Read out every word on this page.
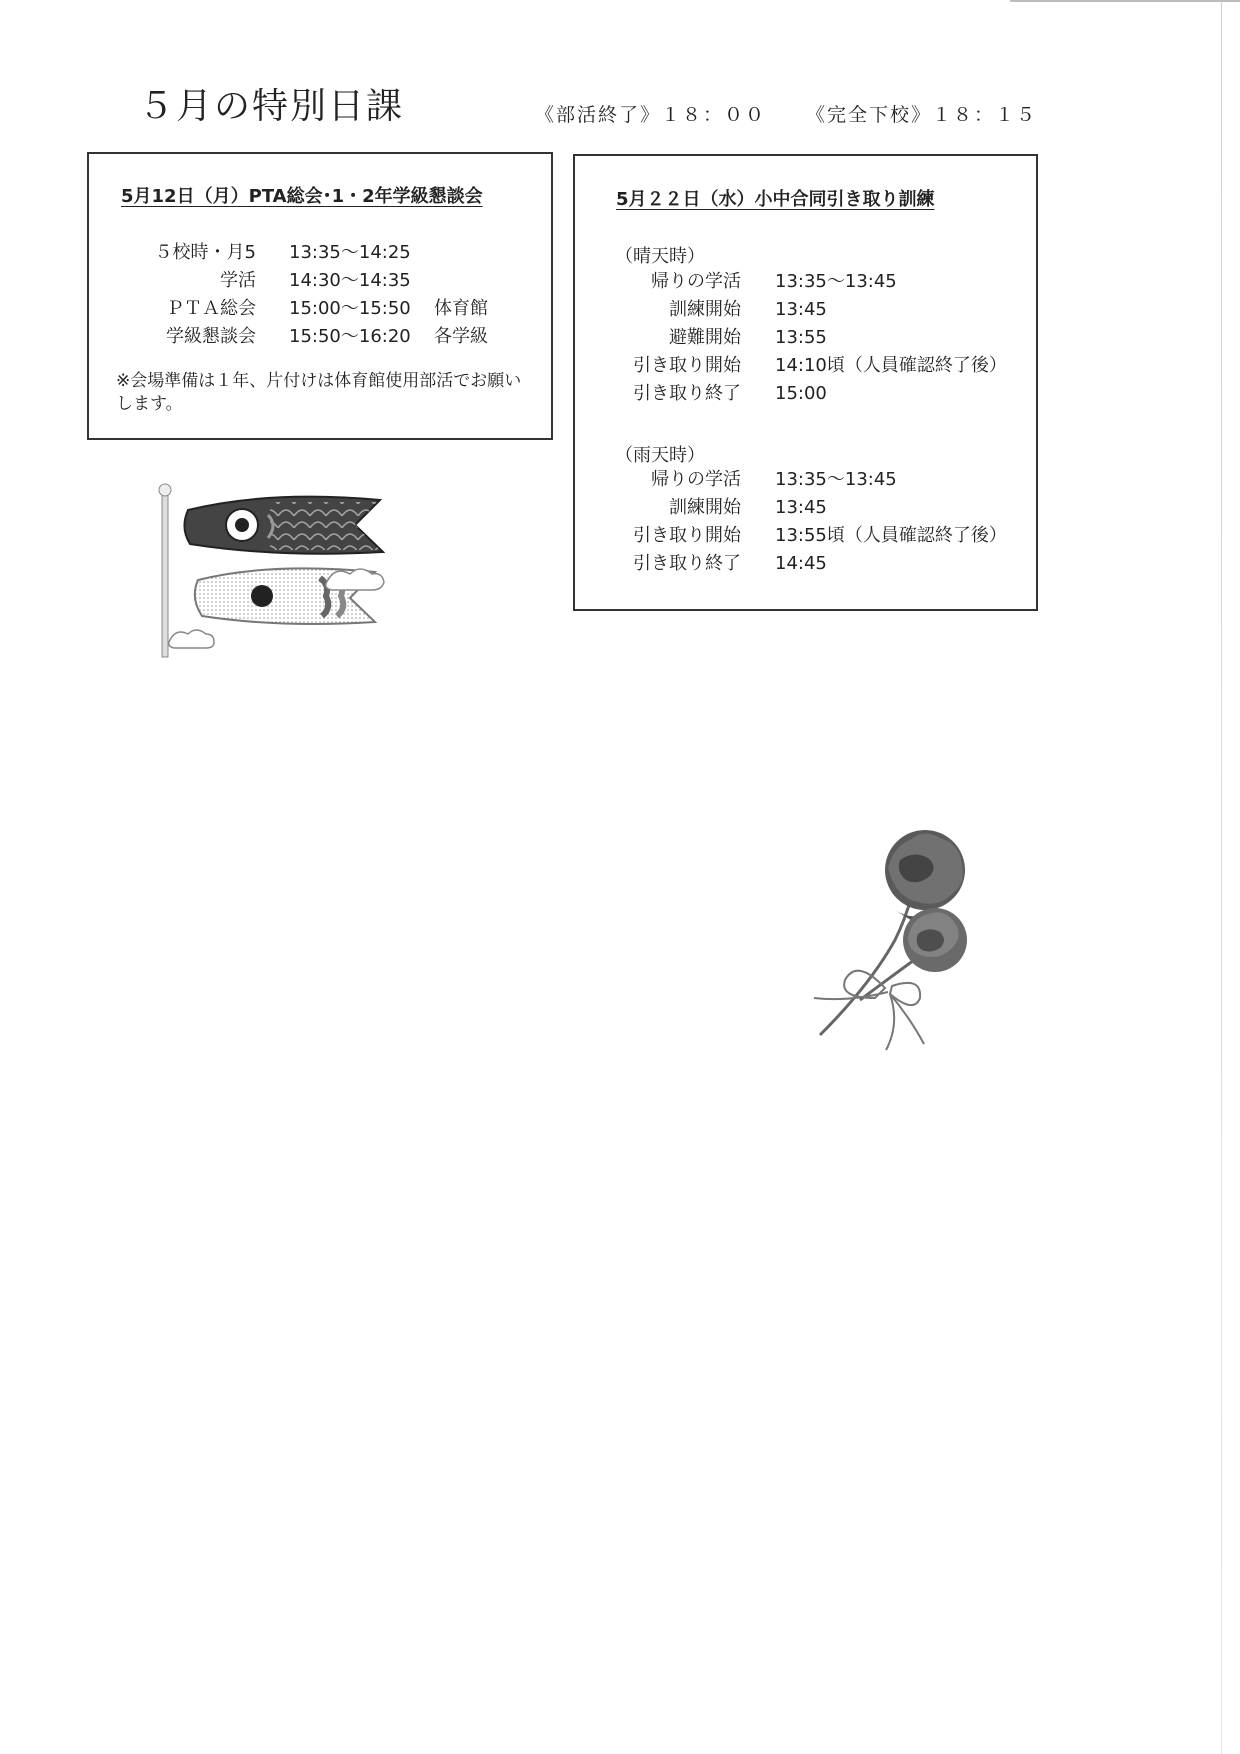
５月の特別日課	《部活終了》１８：００ 《完全下校》１８：１５
5月12日（月）PTA総会･1・2年学級懇談会
５校時・月5 13:35〜14:25
学活 14:30〜14:35
ＰＴＡ総会 15:00〜15:50 体育館
学級懇談会 15:50〜16:20 各学級
※会場準備は１年、片付けは体育館使用部活でお願いします。
5月２２日（水）小中合同引き取り訓練
（晴天時）
帰りの学活 13:35〜13:45
訓練開始 13:45
避難開始 13:55
引き取り開始 14:10頃（人員確認終了後）
引き取り終了 15:00
（雨天時）
帰りの学活 13:35〜13:45
訓練開始 13:45
引き取り開始 13:55頃（人員確認終了後）
引き取り終了 14:45
